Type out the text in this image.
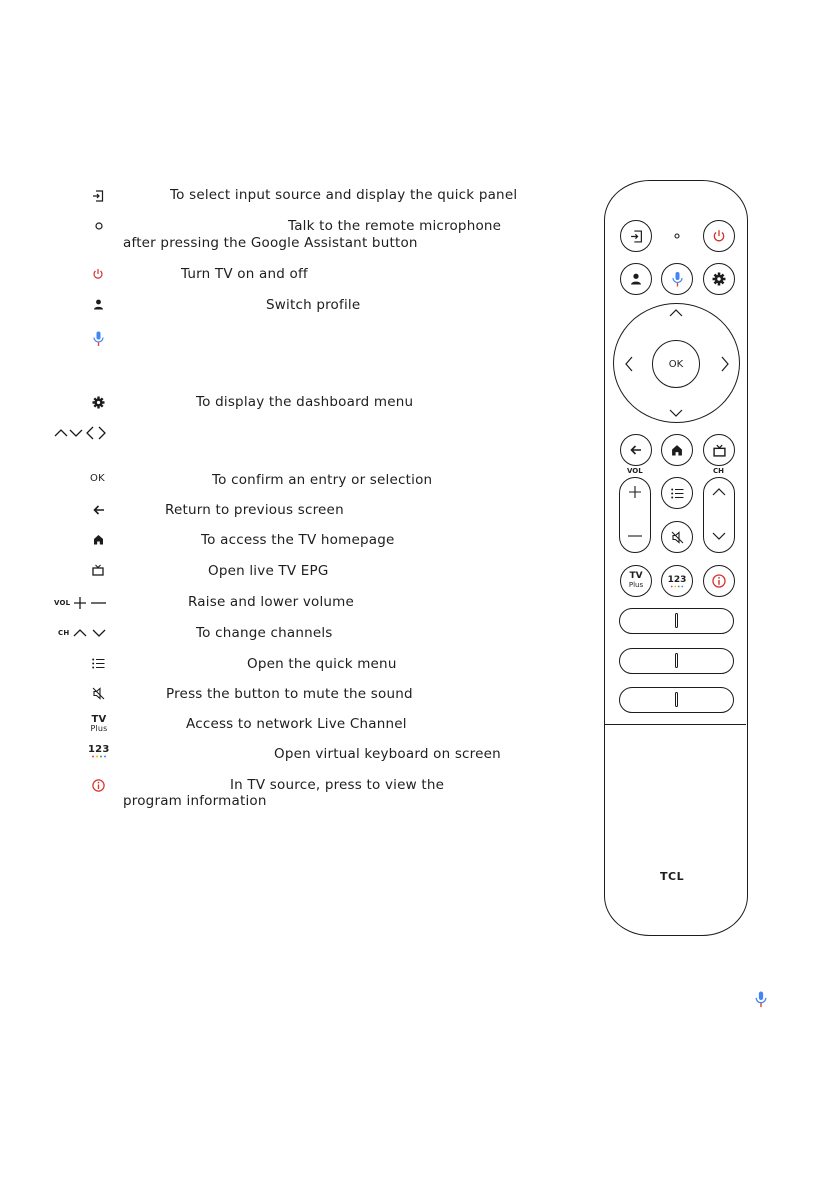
To select input source and display the quick panel
Talk to the remote microphone
after pressing the Google Assistant button
Turn TV on and off
Switch profile
To display the dashboard menu
OK	To confirm an entry or selection
Return to previous screen
To access the TV homepage
Open live TV EPG
VOL	Raise and lower volume
CH	To change channels
Open the quick menu
Press the button to mute the sound
TV
Plus	Access to network Live Channel
123	Open virtual keyboard on screen
In TV source, press to view the
program information
OK
VOL	CH
TV
Plus
123
TCL
